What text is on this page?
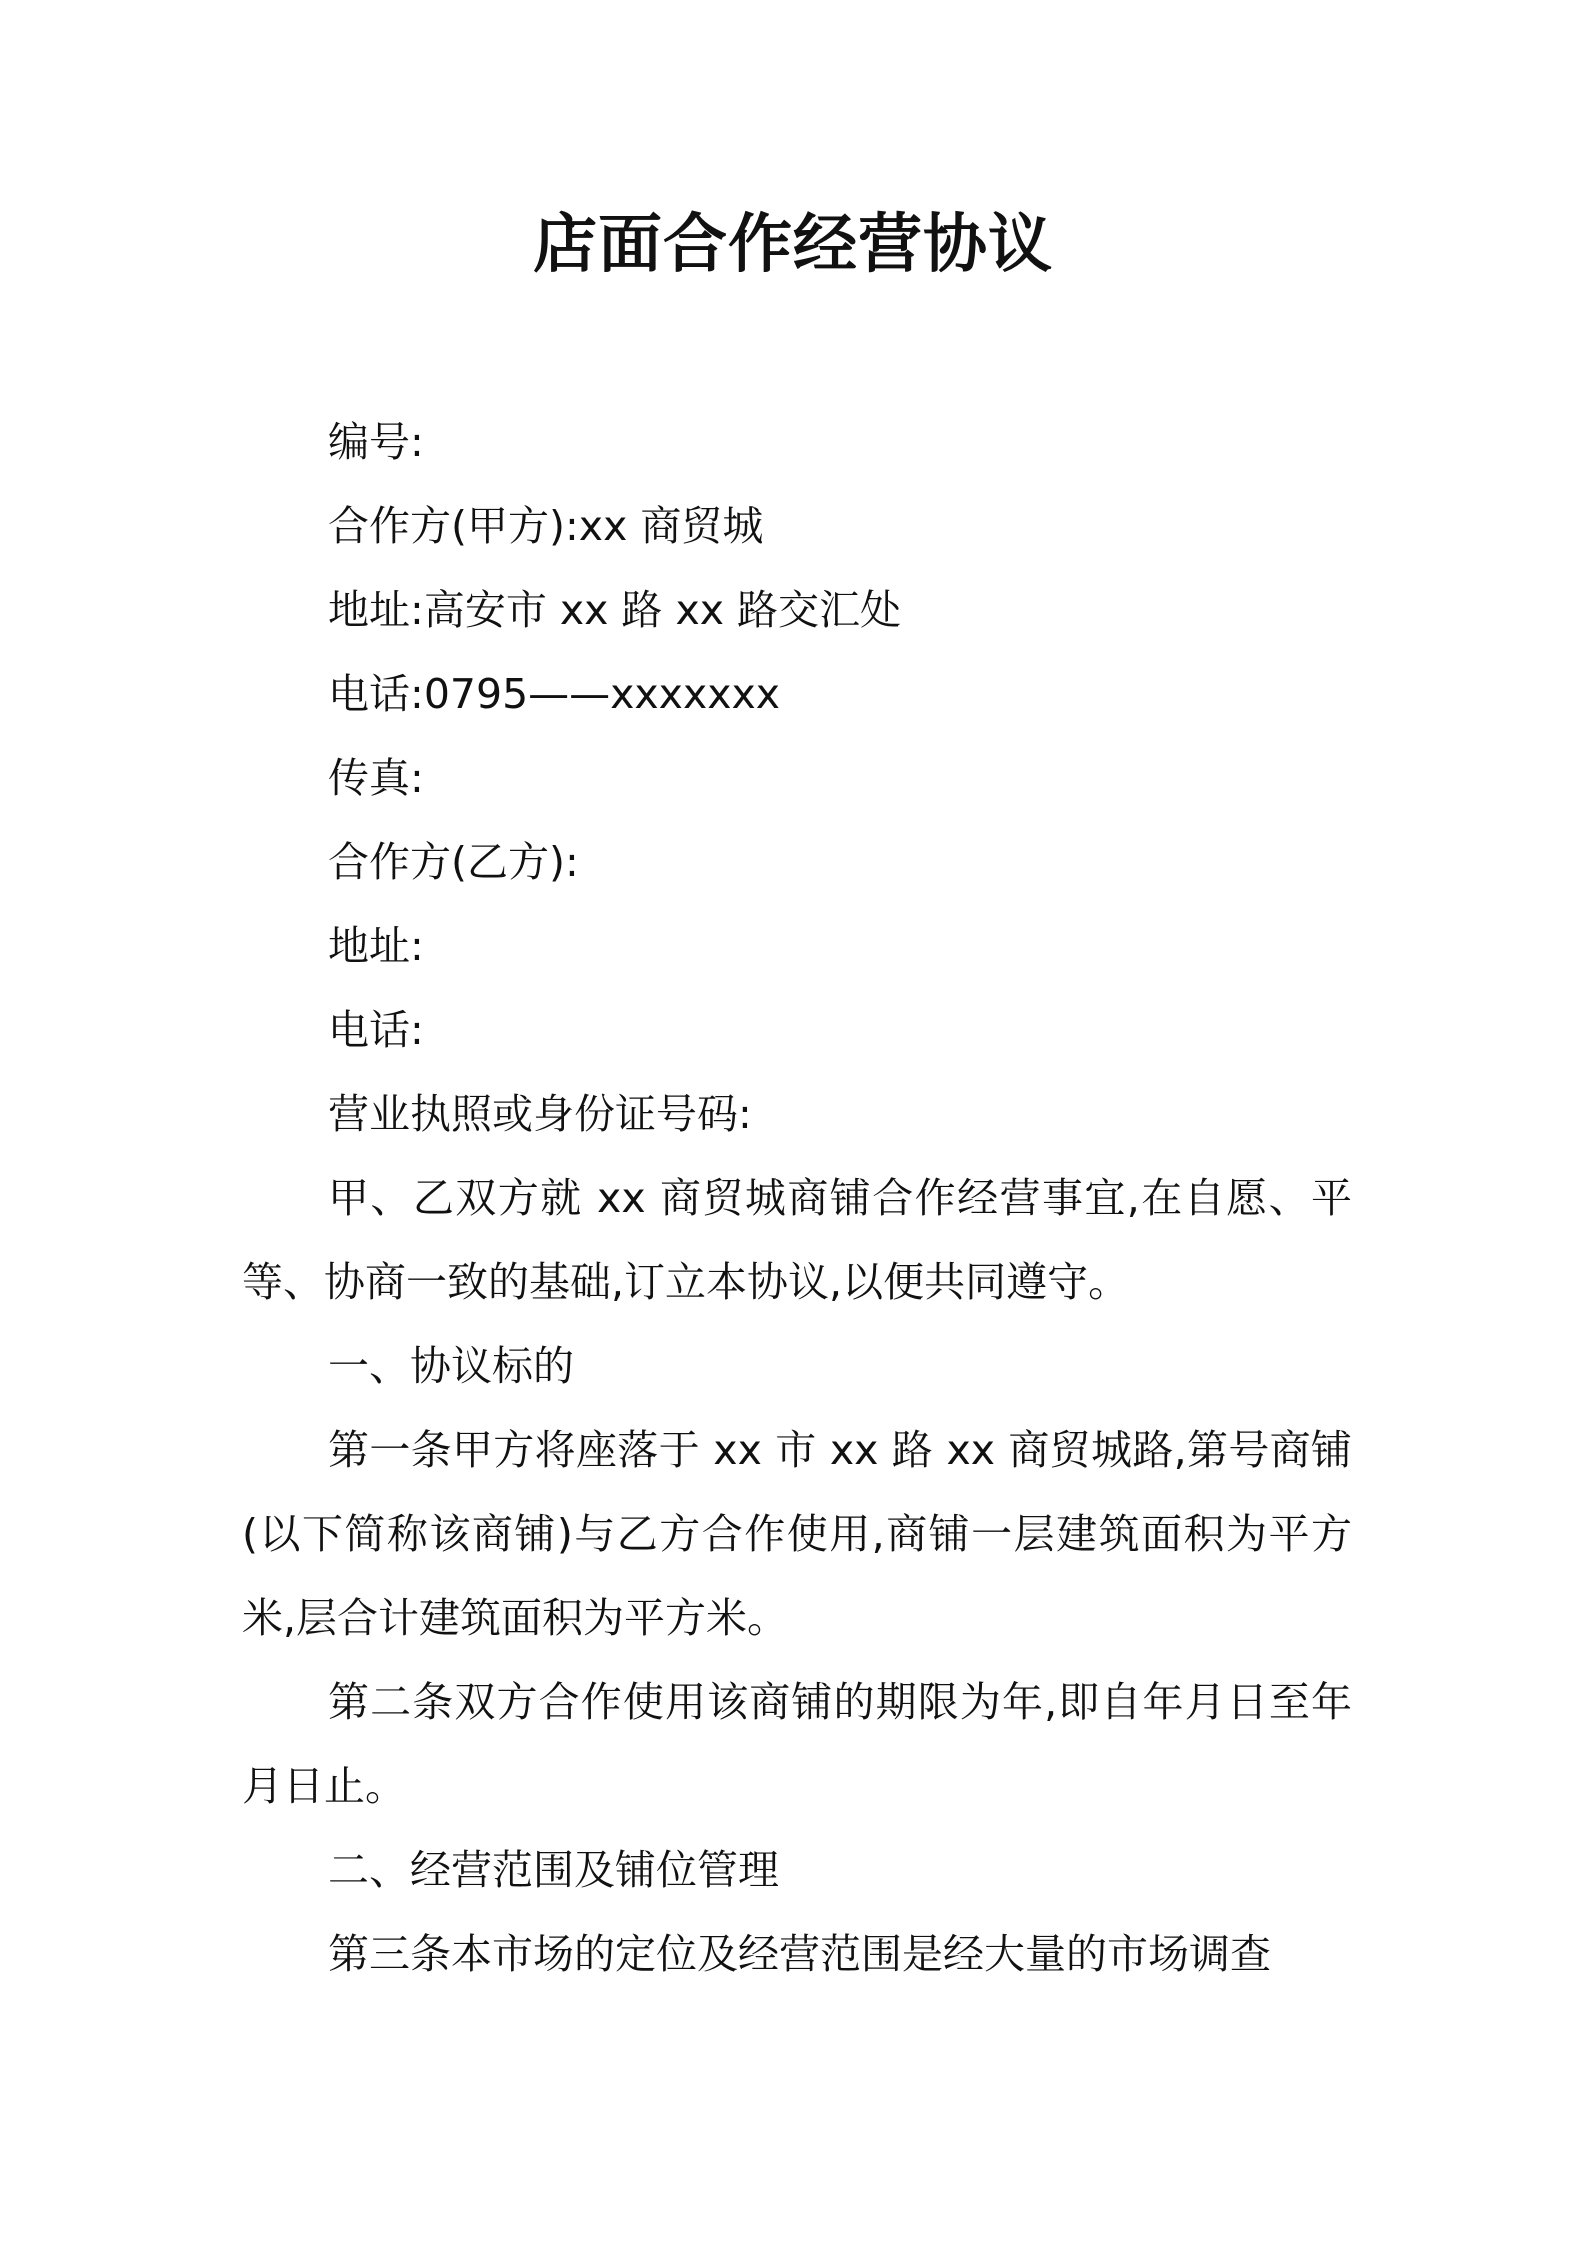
店面合作经营协议

编号:

合作方(甲方):xx 商贸城

地址:高安市 xx 路 xx 路交汇处

电话:0795——xxxxxxx

传真:

合作方(乙方):

地址:

电话:

营业执照或身份证号码:

甲、乙双方就 xx 商贸城商铺合作经营事宜,在自愿、平等、协商一致的基础,订立本协议,以便共同遵守。

一、协议标的

第一条甲方将座落于 xx 市 xx 路 xx 商贸城路,第号商铺(以下简称该商铺)与乙方合作使用,商铺一层建筑面积为平方米,层合计建筑面积为平方米。

第二条双方合作使用该商铺的期限为年,即自年月日至年月日止。

二、经营范围及铺位管理

第三条本市场的定位及经营范围是经大量的市场调查
